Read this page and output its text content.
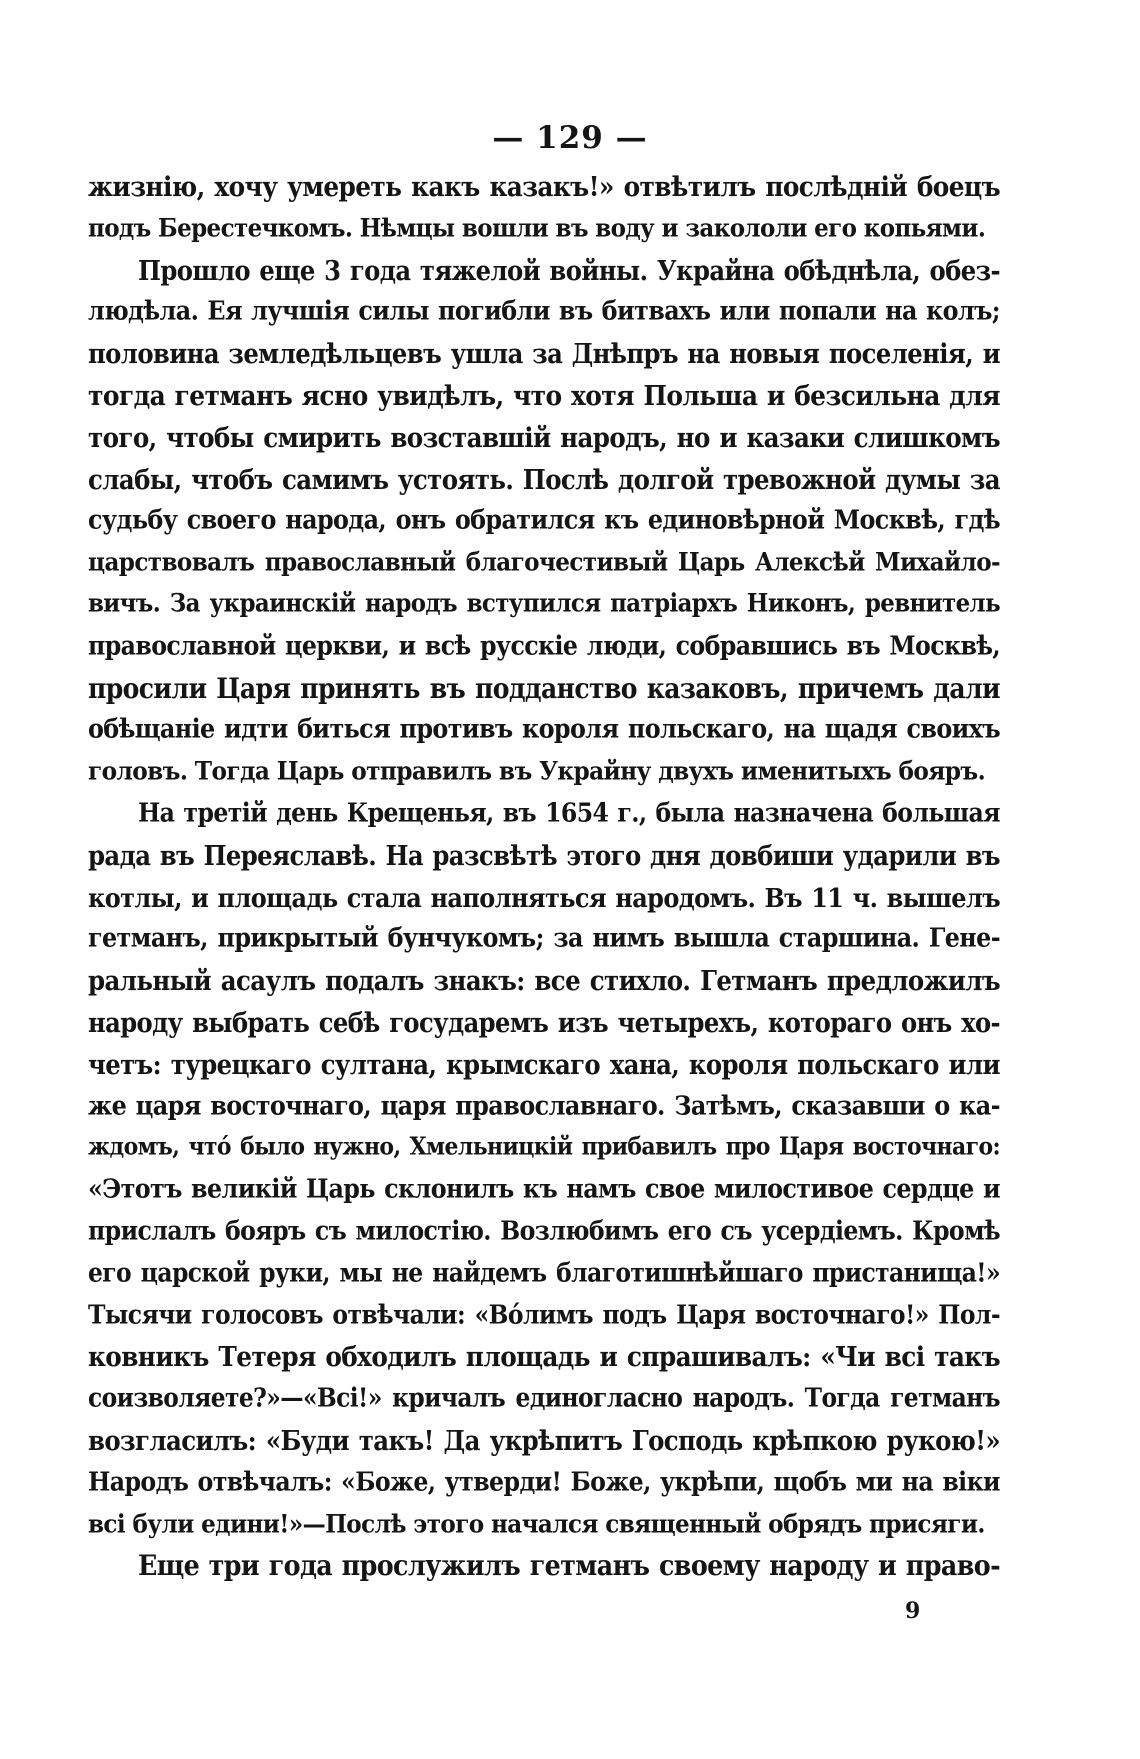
— 129 —
жизнію, хочу умереть какъ казакъ!» отвѣтилъ послѣдній боецъ
подъ Берестечкомъ. Нѣмцы вошли въ воду и закололи его копьями.
Прошло еще 3 года тяжелой войны. Украйна обѣднѣла, обез-
людѣла. Ея лучшія силы погибли въ битвахъ или попали на колъ;
половина земледѣльцевъ ушла за Днѣпръ на новыя поселенія, и
тогда гетманъ ясно увидѣлъ, что хотя Польша и безсильна для
того, чтобы смирить возставшій народъ, но и казаки слишкомъ
слабы, чтобъ самимъ устоять. Послѣ долгой тревожной думы за
судьбу своего народа, онъ обратился къ единовѣрной Москвѣ, гдѣ
царствовалъ православный благочестивый Царь Алексѣй Михайло-
вичъ. За украинскій народъ вступился патріархъ Никонъ, ревнитель
православной церкви, и всѣ русскіе люди, собравшись въ Москвѣ,
просили Царя принять въ подданство казаковъ, причемъ дали
обѣщаніе идти биться противъ короля польскаго, на щадя своихъ
головъ. Тогда Царь отправилъ въ Украйну двухъ именитыхъ бояръ.
На третій день Крещенья, въ 1654 г., была назначена большая
рада въ Переяславѣ. На разсвѣтѣ этого дня довбиши ударили въ
котлы, и площадь стала наполняться народомъ. Въ 11 ч. вышелъ
гетманъ, прикрытый бунчукомъ; за нимъ вышла старшина. Гене-
ральный асаулъ подалъ знакъ: все стихло. Гетманъ предложилъ
народу выбрать себѣ государемъ изъ четырехъ, котораго онъ хо-
четъ: турецкаго султана, крымскаго хана, короля польскаго или
же царя восточнаго, царя православнаго. Затѣмъ, сказавши о ка-
ждомъ, что́ было нужно, Хмельницкій прибавилъ про Царя восточнаго:
«Этотъ великій Царь склонилъ къ намъ свое милостивое сердце и
прислалъ бояръ съ милостію. Возлюбимъ его съ усердіемъ. Кромѣ
его царской руки, мы не найдемъ благотишнѣйшаго пристанища!»
Тысячи голосовъ отвѣчали: «Вόлимъ подъ Царя восточнаго!» Пол-
ковникъ Тетеря обходилъ площадь и спрашивалъ: «Чи всі такъ
соизволяете?»—«Всі!» кричалъ единогласно народъ. Тогда гетманъ
возгласилъ: «Буди такъ! Да укрѣпитъ Господь крѣпкою рукою!»
Народъ отвѣчалъ: «Боже, утверди! Боже, укрѣпи, щобъ ми на віки
всі були едини!»—Послѣ этого начался священный обрядъ присяги.
Еще три года прослужилъ гетманъ своему народу и право-
9
